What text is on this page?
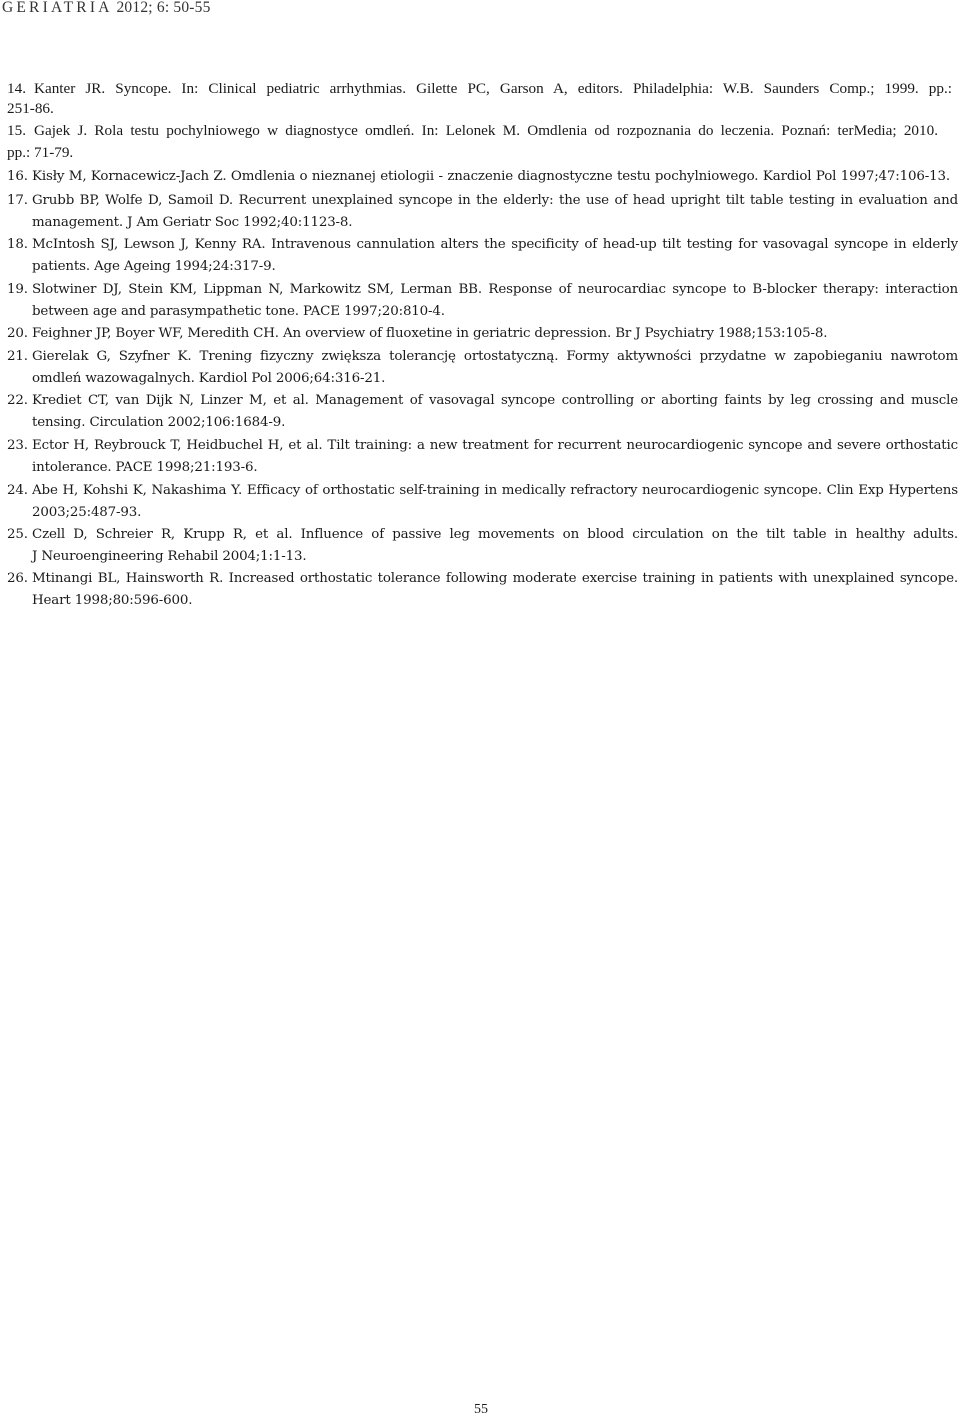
GERIATRIA 2012; 6: 50-55
14. Kanter JR. Syncope. In: Clinical pediatric arrhythmias. Gilette PC, Garson A, editors. Philadelphia: W.B. Saunders Comp.; 1999. pp.:
251-86.
15. Gajek J. Rola testu pochylniowego w diagnostyce omdleń. In: Lelonek M. Omdlenia od rozpoznania do leczenia. Poznań: terMedia; 2010.
pp.: 71-79.
16. Kisły M, Kornacewicz-Jach Z. Omdlenia o nieznanej etiologii - znaczenie diagnostyczne testu pochylniowego. Kardiol Pol 1997;47:106-13.
17. Grubb BP, Wolfe D, Samoil D. Recurrent unexplained syncope in the elderly: the use of head upright tilt table testing in evaluation and
management. J Am Geriatr Soc 1992;40:1123-8.
18. McIntosh SJ, Lewson J, Kenny RA. Intravenous cannulation alters the specificity of head-up tilt testing for vasovagal syncope in elderly
patients. Age Ageing 1994;24:317-9.
19. Slotwiner DJ, Stein KM, Lippman N, Markowitz SM, Lerman BB. Response of neurocardiac syncope to B-blocker therapy: interaction
between age and parasympathetic tone. PACE 1997;20:810-4.
20. Feighner JP, Boyer WF, Meredith CH. An overview of fluoxetine in geriatric depression. Br J Psychiatry 1988;153:105-8.
21. Gierelak G, Szyfner K. Trening fizyczny zwiększa tolerancję ortostatyczną. Formy aktywności przydatne w zapobieganiu nawrotom
omdleń wazowagalnych. Kardiol Pol 2006;64:316-21.
22. Krediet CT, van Dijk N, Linzer M, et al. Management of vasovagal syncope controlling or aborting faints by leg crossing and muscle
tensing. Circulation 2002;106:1684-9.
23. Ector H, Reybrouck T, Heidbuchel H, et al. Tilt training: a new treatment for recurrent neurocardiogenic syncope and severe orthostatic
intolerance. PACE 1998;21:193-6.
24. Abe H, Kohshi K, Nakashima Y. Efficacy of orthostatic self-training in medically refractory neurocardiogenic syncope. Clin Exp Hypertens
2003;25:487-93.
25. Czell D, Schreier R, Krupp R, et al. Influence of passive leg movements on blood circulation on the tilt table in healthy adults.
J Neuroengineering Rehabil 2004;1:1-13.
26. Mtinangi BL, Hainsworth R. Increased orthostatic tolerance following moderate exercise training in patients with unexplained syncope.
Heart 1998;80:596-600.
55
